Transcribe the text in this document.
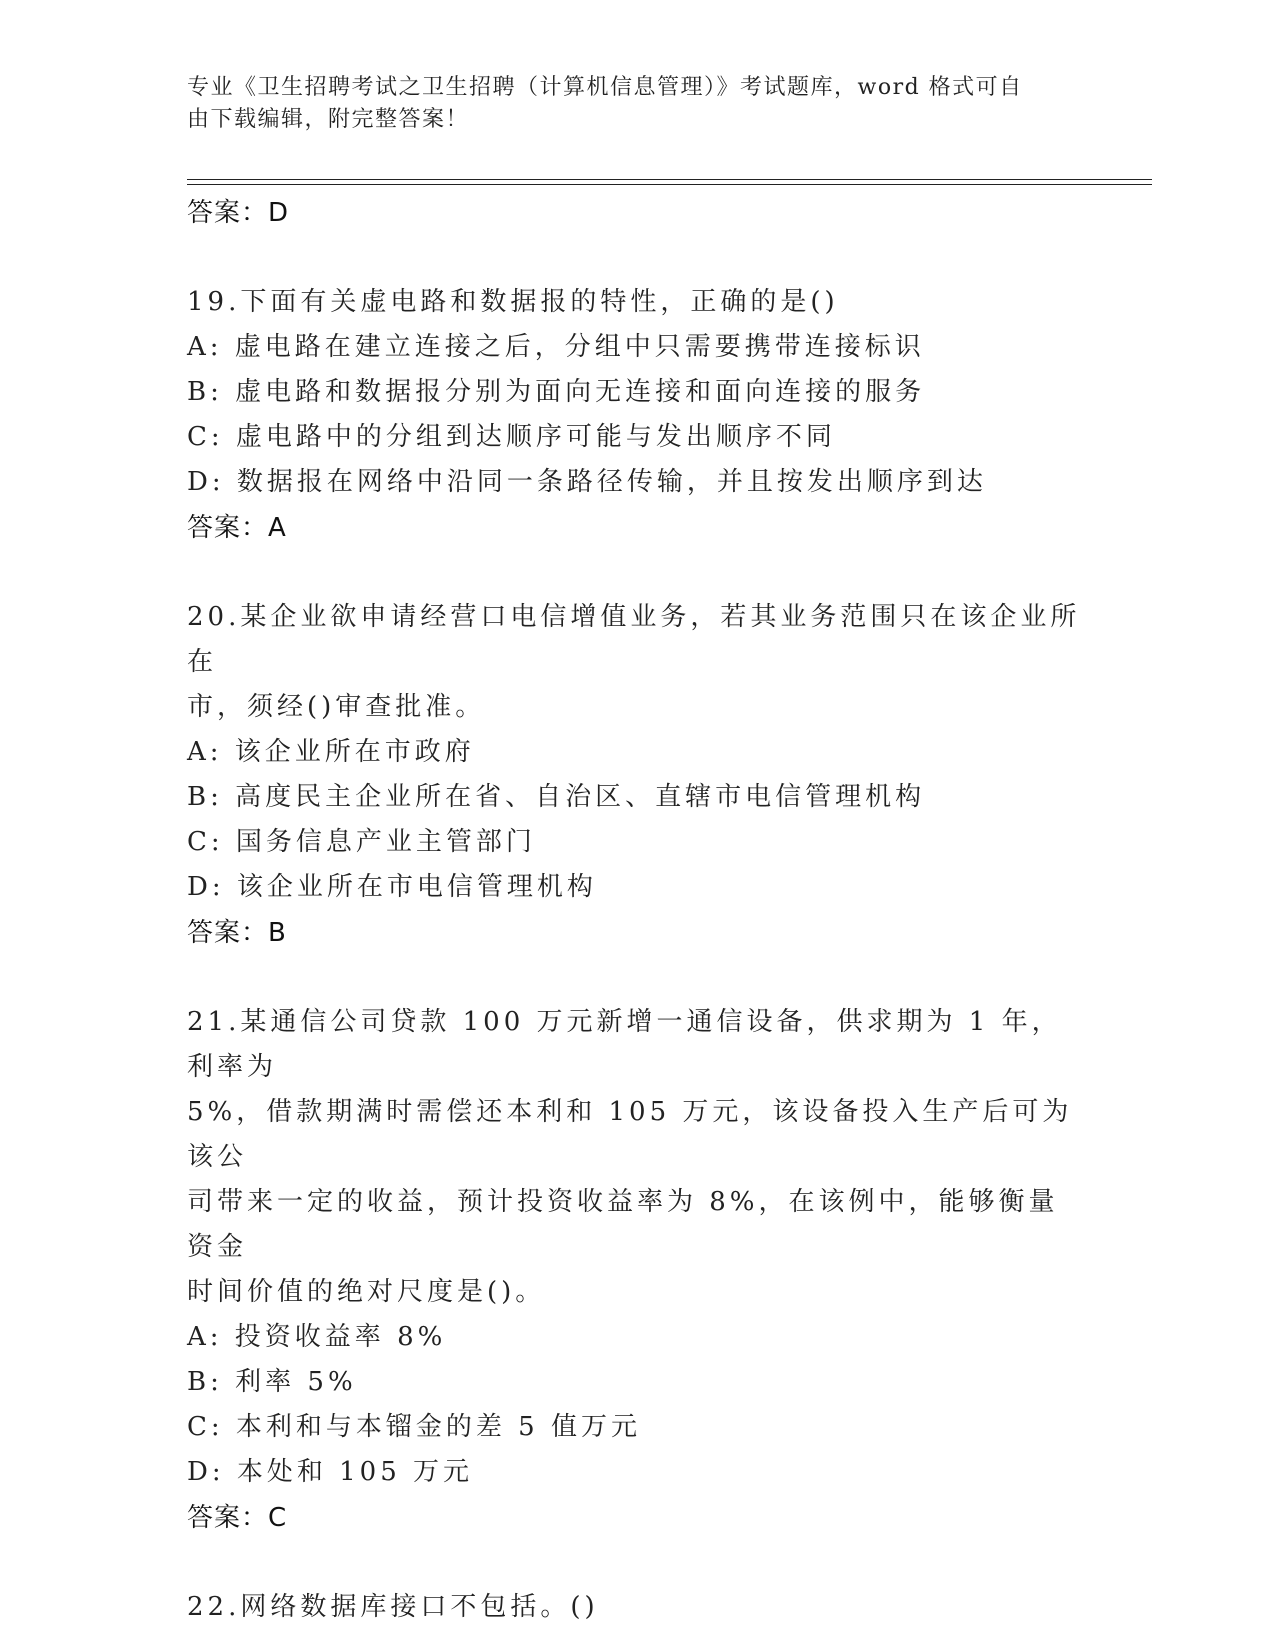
专业《卫生招聘考试之卫生招聘（计算机信息管理）》考试题库，word 格式可自
由下载编辑，附完整答案！
答案：D
19.下面有关虚电路和数据报的特性，正确的是()
A: 虚电路在建立连接之后，分组中只需要携带连接标识
B: 虚电路和数据报分别为面向无连接和面向连接的服务
C: 虚电路中的分组到达顺序可能与发出顺序不同
D: 数据报在网络中沿同一条路径传输，并且按发出顺序到达
答案：A
20.某企业欲申请经营口电信增值业务，若其业务范围只在该企业所在
市，须经()审查批准。
A: 该企业所在市政府
B: 高度民主企业所在省、自治区、直辖市电信管理机构
C: 国务信息产业主管部门
D: 该企业所在市电信管理机构
答案：B
21.某通信公司贷款 100 万元新增一通信设备，供求期为 1 年，利率为
5%，借款期满时需偿还本利和 105 万元，该设备投入生产后可为该公
司带来一定的收益，预计投资收益率为 8%，在该例中，能够衡量资金
时间价值的绝对尺度是()。
A: 投资收益率 8%
B: 利率 5%
C: 本利和与本镏金的差 5 值万元
D: 本处和 105 万元
答案：C
22.网络数据库接口不包括。()
